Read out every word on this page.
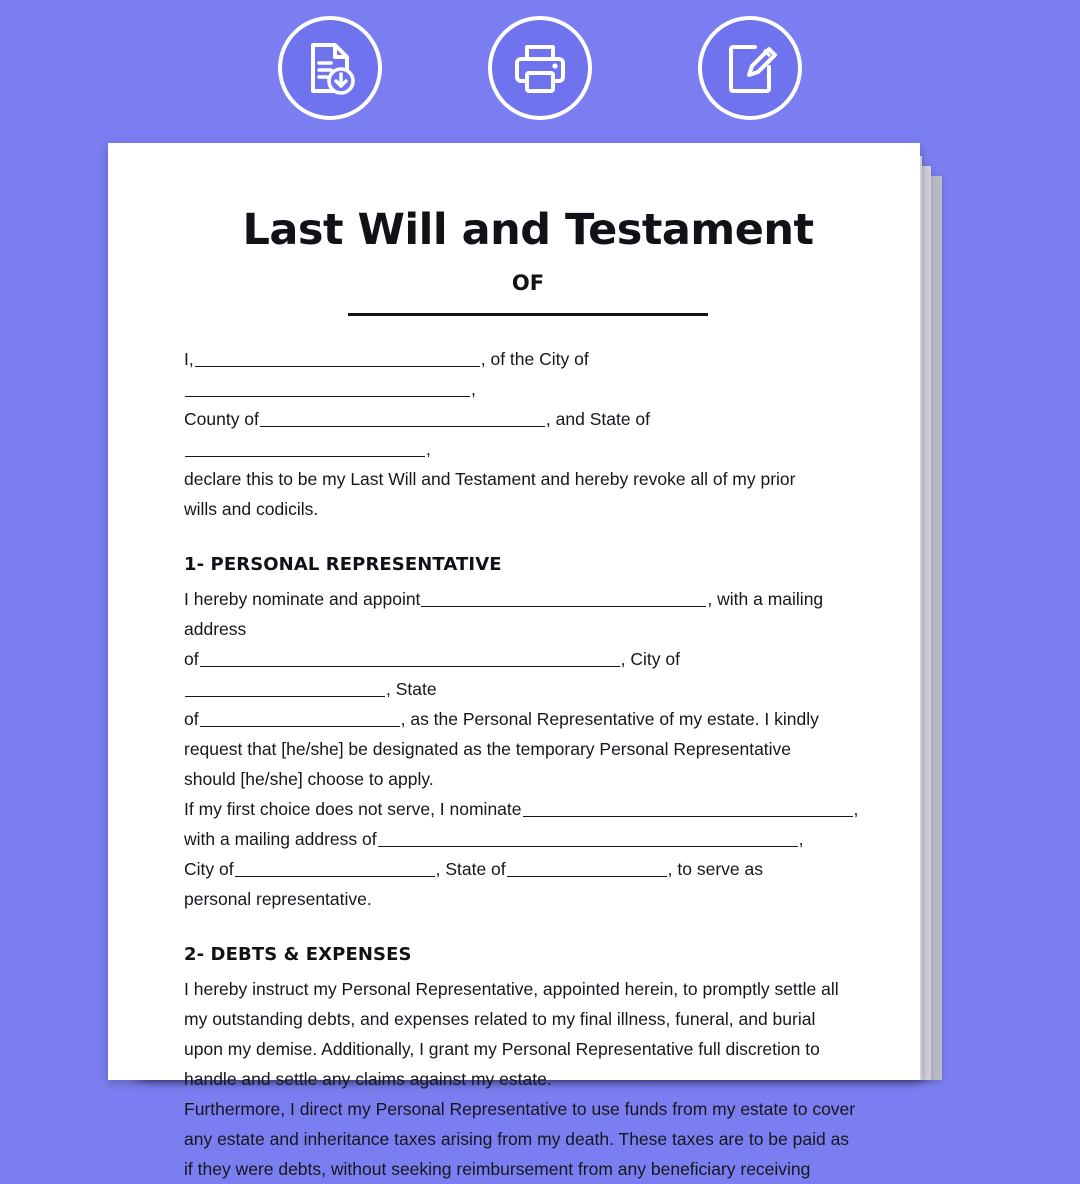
Last Will and Testament
OF

I,	, of the City of,

County of	, and State of,

declare this to be my Last Will and Testament and hereby revoke all of my prior

wills and codicils.

1- PERSONAL REPRESENTATIVE

I hereby nominate and appoint	, with a mailing address
of	, City of, State
of	, as the Personal Representative of my estate. I kindly
request that [he/she] be designated as the temporary Personal Representative
should [he/she] choose to apply.

If my first choice does not serve, I nominate	,
with a mailing address of	,
City of	, State of	, to serve as
personal representative.

2- DEBTS & EXPENSES

I hereby instruct my Personal Representative, appointed herein, to promptly settle all
my outstanding debts, and expenses related to my final illness, funeral, and burial
upon my demise. Additionally, I grant my Personal Representative full discretion to
handle and settle any claims against my estate.

Furthermore, I direct my Personal Representative to use funds from my estate to cover
any estate and inheritance taxes arising from my death. These taxes are to be paid as
if they were debts, without seeking reimbursement from any beneficiary receiving
